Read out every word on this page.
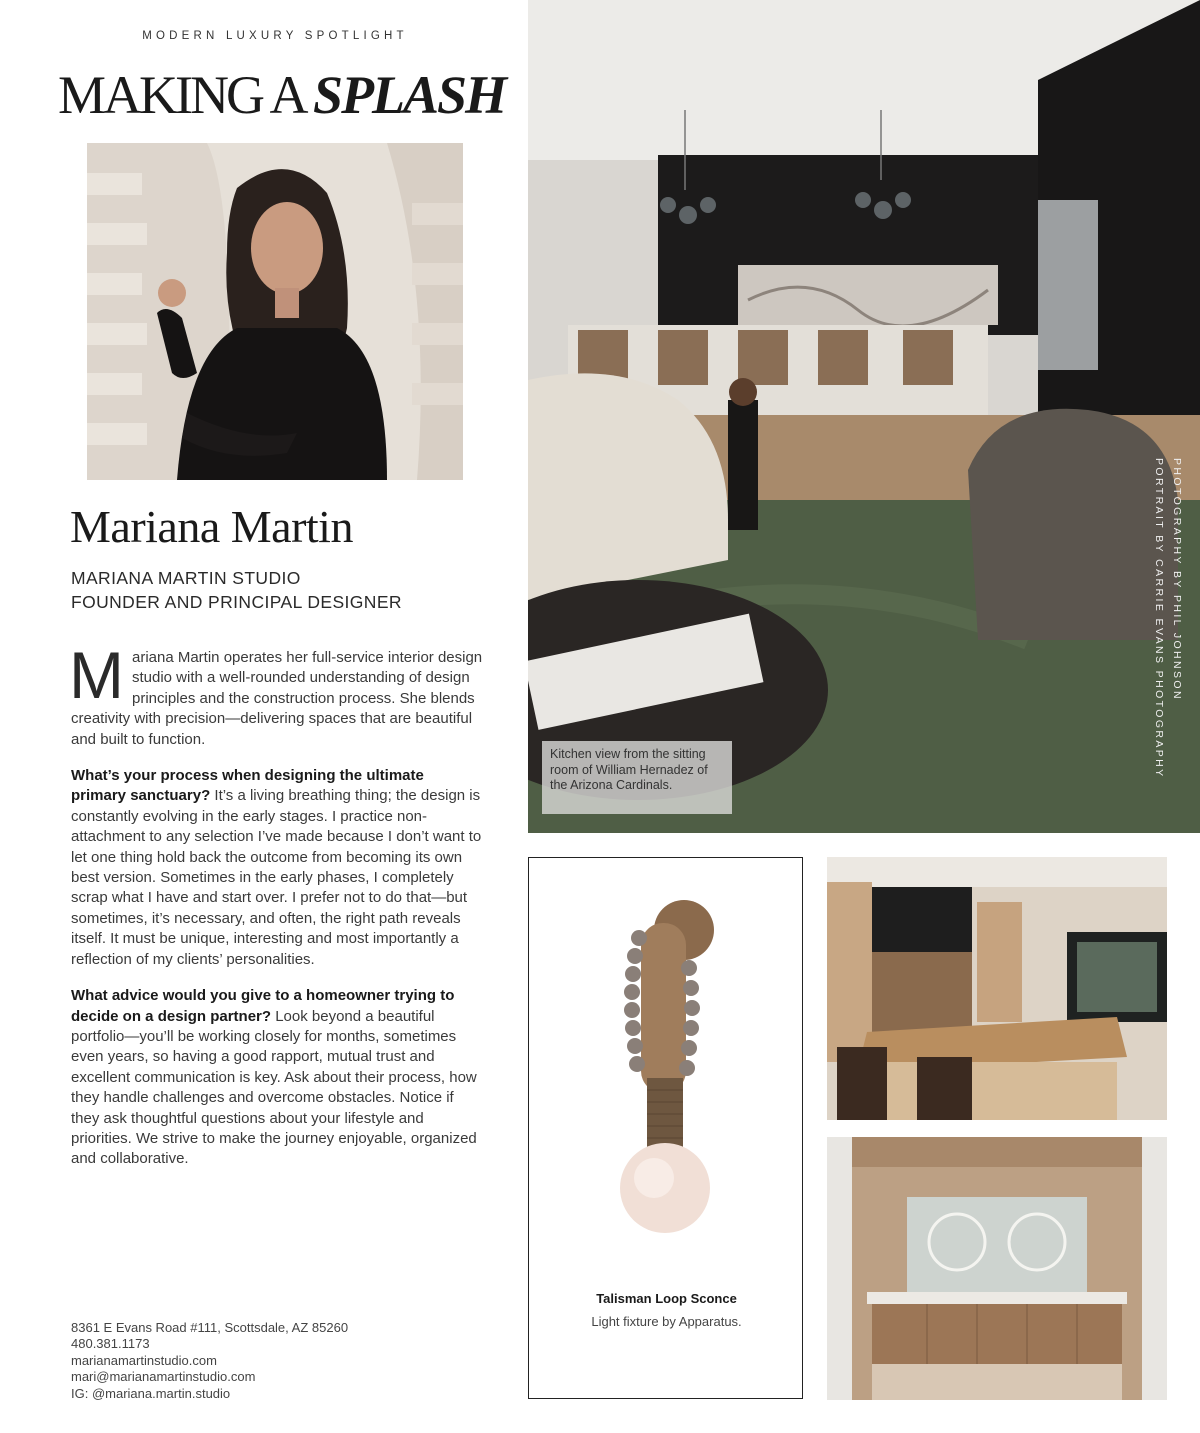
MODERN LUXURY SPOTLIGHT
MAKING A SPLASH
Mariana Martin
MARIANA MARTIN STUDIO
FOUNDER AND PRINCIPAL DESIGNER

Mariana Martin operates her full-service interior design studio with a well-rounded understanding of design principles and the construction process. She blends creativity with precision—delivering spaces that are beautiful and built to function.

What’s your process when designing the ultimate primary sanctuary? It’s a living breathing thing; the design is constantly evolving in the early stages. I practice non-attachment to any selection I’ve made because I don’t want to let one thing hold back the outcome from becoming its own best version. Sometimes in the early phases, I completely scrap what I have and start over. I prefer not to do that—but sometimes, it’s necessary, and often, the right path reveals itself. It must be unique, interesting and most importantly a reflection of my clients’ personalities.

What advice would you give to a homeowner trying to decide on a design partner? Look beyond a beautiful portfolio—you’ll be working closely for months, sometimes even years, so having a good rapport, mutual trust and excellent communication is key. Ask about their process, how they handle challenges and overcome obstacles. Notice if they ask thoughtful questions about your lifestyle and priorities. We strive to make the journey enjoyable, organized and collaborative.

8361 E Evans Road #111, Scottsdale, AZ 85260
480.381.1173
marianamartinstudio.com
mari@marianamartinstudio.com
IG: @mariana.martin.studio
Kitchen view from the sitting room of William Hernadez of the Arizona Cardinals.
PORTRAIT BY CARRIE EVANS PHOTOGRAPHY PHOTOGRAPHY BY PHIL JOHNSON
Talisman Loop Sconce
Light fixture by Apparatus.
